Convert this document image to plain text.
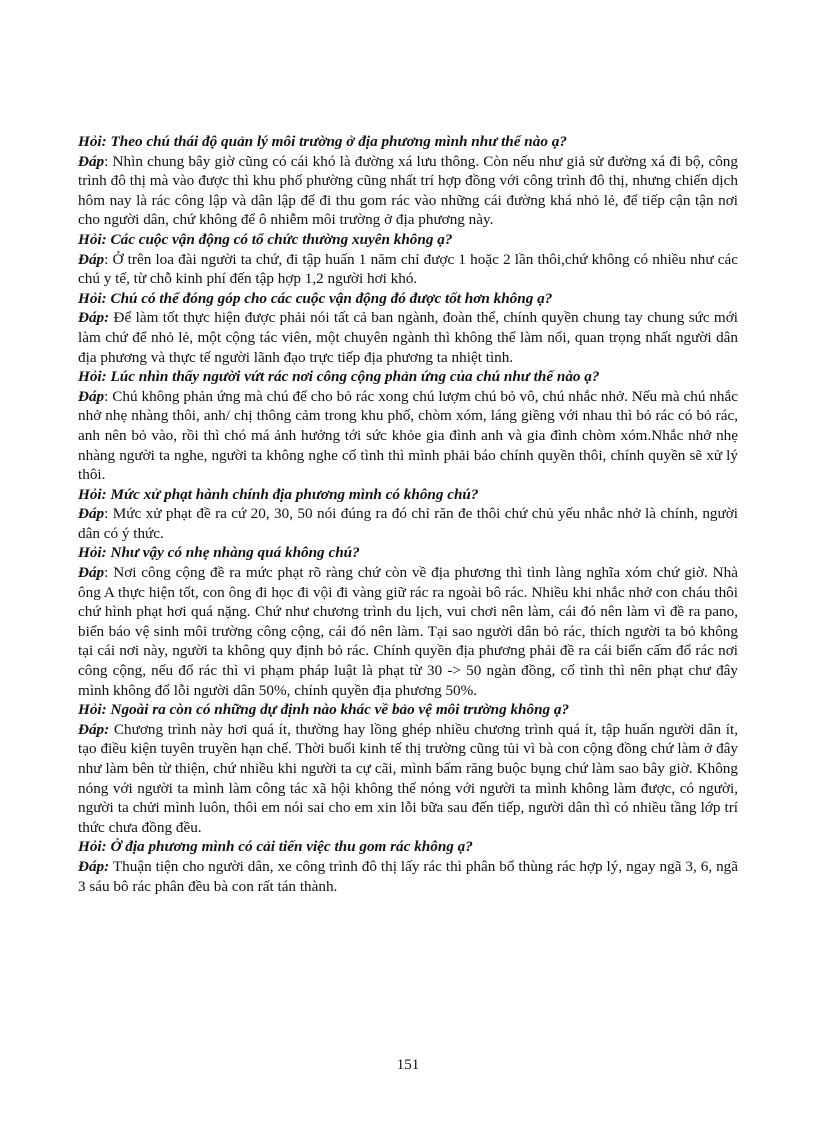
Hỏi: Theo chú thái độ quản lý môi trường ở địa phương mình như thế nào ạ?

Đáp: Nhìn chung bây giờ cũng có cái khó là đường xá lưu thông. Còn nếu như giả sử đường xá đi bộ, công trình đô thị mà vào được thì khu phố phường cũng nhất trí hợp đồng với công trình đô thị, nhưng chiến dịch hôm nay là rác công lập và dân lập để đi thu gom rác vào những cái đường khá nhỏ lẻ, để tiếp cận tận nơi cho người dân, chứ không để ô nhiễm môi trường ở địa phương này.

Hỏi: Các cuộc vận động có tổ chức thường xuyên không ạ?

Đáp: Ở trên loa đài người ta chứ, đi tập huấn 1 năm chỉ được 1 hoặc 2 lần thôi,chứ không có nhiều như các chú y tế, từ chỗ kinh phí đến tập hợp 1,2 người hơi khó.

Hỏi: Chú có thể đóng góp cho các cuộc vận động đó được tốt hơn không ạ?

Đáp: Để làm tốt thực hiện được phải nói tất cả ban ngành, đoàn thể, chính quyền chung tay chung sức mới làm chứ để nhỏ lẻ, một cộng tác viên, một chuyên ngành thì không thể làm nổi, quan trọng nhất người dân địa phương và thực tế người lãnh đạo trực tiếp địa phương ta nhiệt tình.

Hỏi: Lúc nhìn thấy người vứt rác nơi công cộng phản ứng của chú như thế nào ạ?

Đáp: Chú không phản ứng mà chú để cho bỏ rác xong chú lượm chú bỏ vô, chú nhắc nhở. Nếu mà chú nhắc nhở nhẹ nhàng thôi, anh/ chị thông cảm trong khu phố, chòm xóm, láng giềng với nhau thì bỏ rác có bỏ rác, anh nên bỏ vào, rồi thì chó má ảnh hưởng tới sức khỏe gia đình anh và gia đình chòm xóm.Nhắc nhở nhẹ nhàng người ta nghe, người ta không nghe cố tình thì mình phải báo chính quyền thôi, chính quyền sẽ xử lý thôi.

Hỏi: Mức xử phạt hành chính địa phương mình có không chú?

Đáp: Mức xử phạt đề ra cứ 20, 30, 50 nói đúng ra đó chỉ răn đe thôi chứ chủ yếu nhắc nhở là chính, người dân có ý thức.

Hỏi: Như vậy có nhẹ nhàng quá không chú?

Đáp: Nơi công cộng đề ra mức phạt rõ ràng chứ còn về địa phương thì tình làng nghĩa xóm chứ giờ. Nhà ông A thực hiện tốt, con ông đi học đi vội đi vàng giữ rác ra ngoài bô rác. Nhiều khi nhắc nhở con cháu thôi chứ hình phạt hơi quá nặng. Chứ như chương trình du lịch, vui chơi nên làm, cái đó nên làm vì đề ra pano, biển báo vệ sinh môi trường công cộng, cái đó nên làm. Tại sao người dân bỏ rác, thích người ta bỏ không tại cái nơi này, người ta không quy định bỏ rác. Chính quyền địa phương phải đề ra cái biển cấm đổ rác nơi công cộng, nếu đổ rác thì vi phạm pháp luật là phạt từ 30 -> 50 ngàn đồng, cố tình thì nên phạt chư đây mình không đổ lỗi người dân 50%, chính quyền địa phương 50%.

Hỏi: Ngoài ra còn có những dự định nào khác về bảo vệ môi trường không ạ?

Đáp: Chương trình này hơi quá ít, thường hay lồng ghép nhiều chương trình quá ít, tập huấn người dân ít, tạo điều kiện tuyên truyền hạn chế. Thời buổi kinh tế thị trường cũng tủi vì bà con cộng đồng chứ làm ở đây như làm bên từ thiện, chứ nhiều khi người ta cự cãi, mình bấm răng buộc bụng chứ làm sao bây giờ. Không nóng với người ta mình làm công tác xã hội không thể nóng với người ta mình không làm được, có người, người ta chửi mình luôn, thôi em nói sai cho em xin lỗi bữa sau đến tiếp, người dân thì có nhiều tầng lớp trí thức chưa đồng đều.

Hỏi: Ở địa phương mình có cải tiến việc thu gom rác không ạ?

Đáp: Thuận tiện cho người dân, xe công trình đô thị lấy rác thì phân bổ thùng rác hợp lý, ngay ngã 3, 6, ngã 3 sáu bô rác phân đều bà con rất tán thành.

151
